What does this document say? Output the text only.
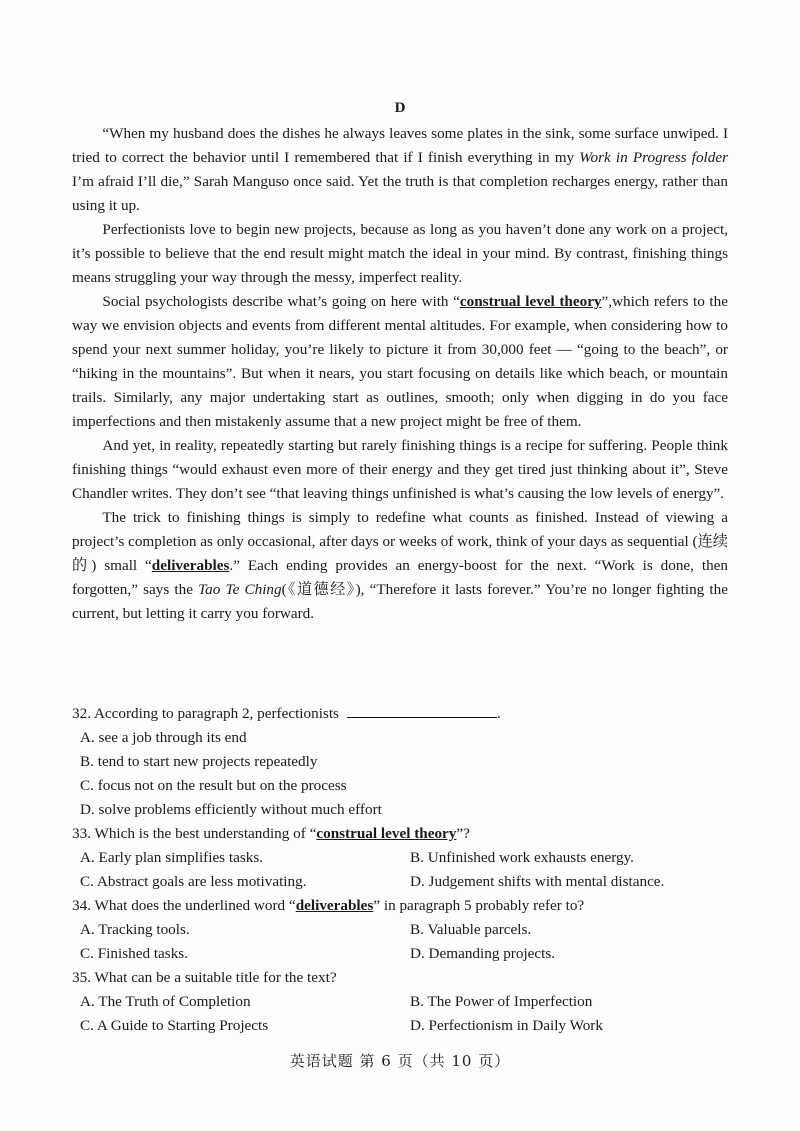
D

“When my husband does the dishes he always leaves some plates in the sink, some surface unwiped. I tried to correct the behavior until I remembered that if I finish everything in my Work in Progress folder I’m afraid I’ll die,” Sarah Manguso once said. Yet the truth is that completion recharges energy, rather than using it up.

Perfectionists love to begin new projects, because as long as you haven’t done any work on a project, it’s possible to believe that the end result might match the ideal in your mind. By contrast, finishing things means struggling your way through the messy, imperfect reality.

Social psychologists describe what’s going on here with “construal level theory”,which refers to the way we envision objects and events from different mental altitudes. For example, when considering how to spend your next summer holiday, you’re likely to picture it from 30,000 feet — “going to the beach”, or “hiking in the mountains”. But when it nears, you start focusing on details like which beach, or mountain trails. Similarly, any major undertaking start as outlines, smooth; only when digging in do you face imperfections and then mistakenly assume that a new project might be free of them.

And yet, in reality, repeatedly starting but rarely finishing things is a recipe for suffering. People think finishing things “would exhaust even more of their energy and they get tired just thinking about it”, Steve Chandler writes. They don’t see “that leaving things unfinished is what’s causing the low levels of energy”.

The trick to finishing things is simply to redefine what counts as finished. Instead of viewing a project’s completion as only occasional, after days or weeks of work, think of your days as sequential (连续的) small “deliverables.” Each ending provides an energy-boost for the next. “Work is done, then forgotten,” says the Tao Te Ching(《道德经》), “Therefore it lasts forever.” You’re no longer fighting the current, but letting it carry you forward.

32. According to paragraph 2, perfectionists	.

A. see a job through its end

B. tend to start new projects repeatedly

C. focus not on the result but on the process

D. solve problems efficiently without much effort

33. Which is the best understanding of “construal level theory”?

A. Early plan simplifies tasks.	B. Unfinished work exhausts energy.
C. Abstract goals are less motivating.	D. Judgement shifts with mental distance.

34. What does the underlined word “deliverables” in paragraph 5 probably refer to?

A. Tracking tools.	B. Valuable parcels.
C. Finished tasks.	D. Demanding projects.

35. What can be a suitable title for the text?

A. The Truth of Completion	B. The Power of Imperfection
C. A Guide to Starting Projects	D. Perfectionism in Daily Work
英语试题 第 6 页（共 10 页）
